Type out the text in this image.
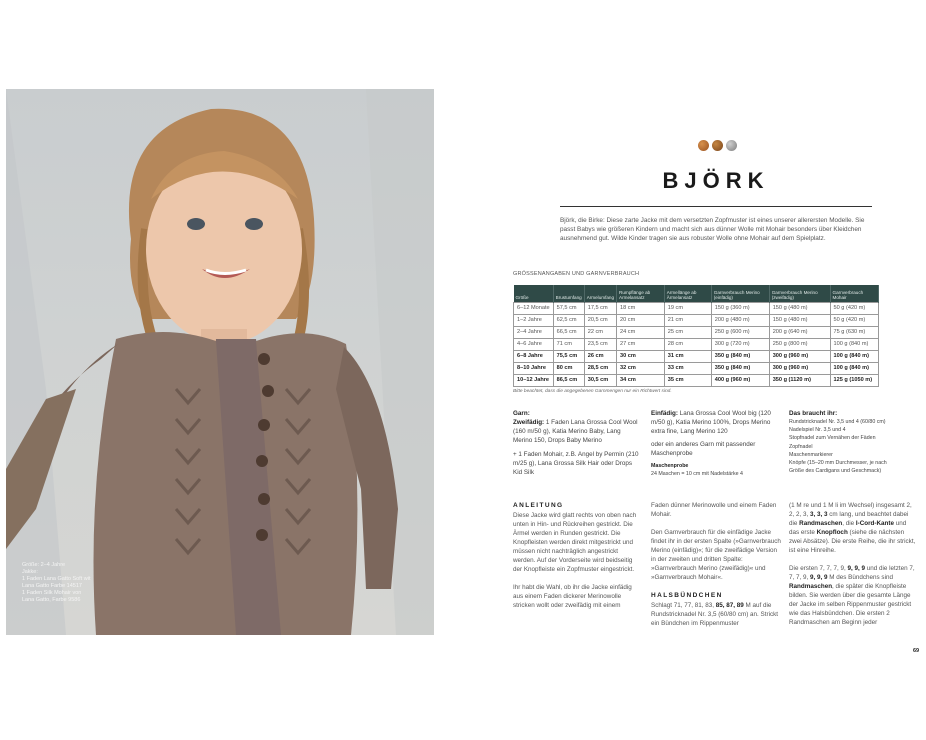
Größe: 2–4 Jahre
Jakke:
1 Faden Lana Gatto Soft wit
Lana Gatto Farbe 14517
1 Faden Silk Mohair von
Lana Gatto, Farbe 9586
BJÖRK
Björk, die Birke: Diese zarte Jacke mit dem versetzten Zopfmuster ist eines unserer allerersten Modelle. Sie passt Babys wie größeren Kindern und macht sich aus dünner Wolle mit Mohair besonders über Kleidchen ausnehmend gut. Wilde Kinder tragen sie aus robuster Wolle ohne Mohair auf dem Spielplatz.
GRÖSSENANGABEN UND GARNVERBRAUCH
Größe	Brustumfang	Armelumfang	Rumpflänge ab Armelansatz	Armellänge ab Ärmelansatz	Garnverbrauch Merino (einfädig)	Garnverbrauch Merino (zweifädig)	Garnverbrauch Mohair
6–12 Monate	57,5 cm	17,5 cm	18 cm	19 cm	150 g (360 m)	150 g (480 m)	50 g (420 m)
1–2 Jahre	62,5 cm	20,5 cm	20 cm	21 cm	200 g (480 m)	150 g (480 m)	50 g (420 m)
2–4 Jahre	66,5 cm	22 cm	24 cm	25 cm	250 g (600 m)	200 g (640 m)	75 g (630 m)
4–6 Jahre	71 cm	23,5 cm	27 cm	28 cm	300 g (720 m)	250 g (800 m)	100 g (840 m)
6–8 Jahre	75,5 cm	26 cm	30 cm	31 cm	350 g (840 m)	300 g (960 m)	100 g (840 m)
8–10 Jahre	80 cm	28,5 cm	32 cm	33 cm	350 g (840 m)	300 g (960 m)	100 g (840 m)
10–12 Jahre	86,5 cm	30,5 cm	34 cm	35 cm	400 g (960 m)	350 g (1120 m)	125 g (1050 m)
Bitte beachtet, dass die angegebenen Garnmengen nur ein Richtwert sind.
Garn:
Zweifädig: 1 Faden Lana Grossa Cool Wool (160 m/50 g), Katia Merino Baby, Lang Merino 150, Drops Baby Merino
+ 1 Faden Mohair, z.B. Angel by Permin (210 m/25 g), Lana Grossa Silk Hair oder Drops Kid Silk
Einfädig: Lana Grossa Cool Wool big (120 m/50 g), Katia Merino 100%, Drops Merino extra fine, Lang Merino 120
oder ein anderes Garn mit passender Maschenprobe
Maschenprobe
24 Maschen = 10 cm mit Nadelstärke 4
Das braucht ihr:
Rundstricknadel Nr. 3,5 und 4 (60/80 cm)
Nadelspiel Nr. 3,5 und 4
Stopfnadel zum Vernähen der Fäden
Zopfnadel
Maschenmarkierer
Knöpfe (15–20 mm Durchmesser, je nach
Größe des Cardigans und Geschmack)
ANLEITUNG

Diese Jacke wird glatt rechts von oben nach unten in Hin- und Rückreihen gestrickt. Die Ärmel werden in Runden gestrickt. Die Knopfleisten werden direkt mitgestrickt und müssen nicht nachträglich angestrickt werden. Auf der Vorderseite wird beidseitig der Knopfleiste ein Zopfmuster eingestrickt.

Ihr habt die Wahl, ob ihr die Jacke einfädig aus einem Faden dickerer Merinowolle stricken wollt oder zweifädig mit einem

Faden dünner Merinowolle und einem Faden Mohair.

Den Garnverbrauch für die einfädige Jacke findet ihr in der ersten Spalte (»Garnverbrauch Merino (einfädig)«; für die zweifädige Version in der zweiten und dritten Spalte: »Garnverbrauch Merino (zweifädig)« und »Garnverbrauch Mohair«.

HALSBÜNDCHEN

Schlagt 71, 77, 81, 83, 85, 87, 89 M auf die Rundstricknadel Nr. 3,5 (60/80 cm) an. Strickt ein Bündchen im Rippenmuster

(1 M re und 1 M li im Wechsel) insgesamt 2, 2, 2, 3, 3, 3, 3 cm lang, und beachtet dabei die Randmaschen, die I-Cord-Kante und das erste Knopfloch (siehe die nächsten zwei Absätze). Die erste Reihe, die ihr strickt, ist eine Hinreihe.

Die ersten 7, 7, 7, 9, 9, 9, 9 und die letzten 7, 7, 7, 9, 9, 9, 9 M des Bündchens sind Randmaschen, die später die Knopfleiste bilden. Sie werden über die gesamte Länge der Jacke im selben Rippenmuster gestrickt wie das Halsbündchen. Die ersten 2 Randmaschen am Beginn jeder

69
